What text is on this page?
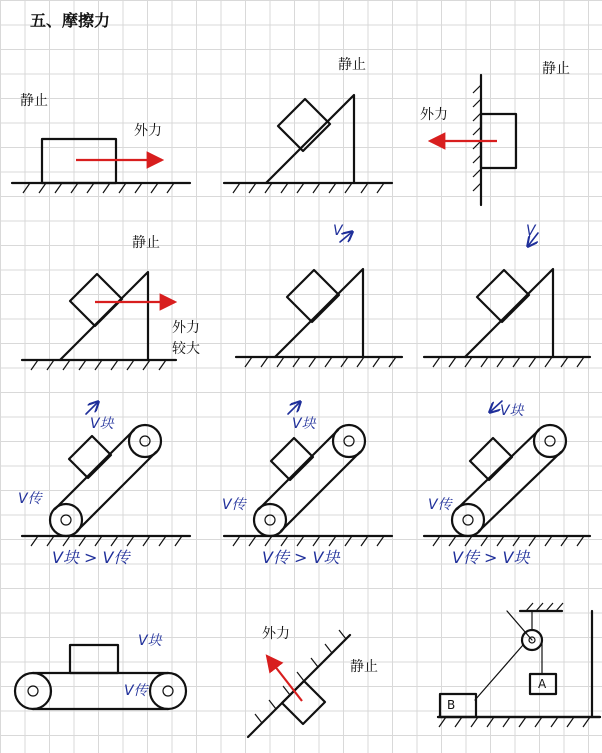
五、摩擦力
静止
外力
静止	静止
外力
静止
外力
较大
V	V
V块
V传
V块 > V传
V块
V传
V传 > V块
V块
V传
V传 > V块
V块
V传
外力
静止
A
B
